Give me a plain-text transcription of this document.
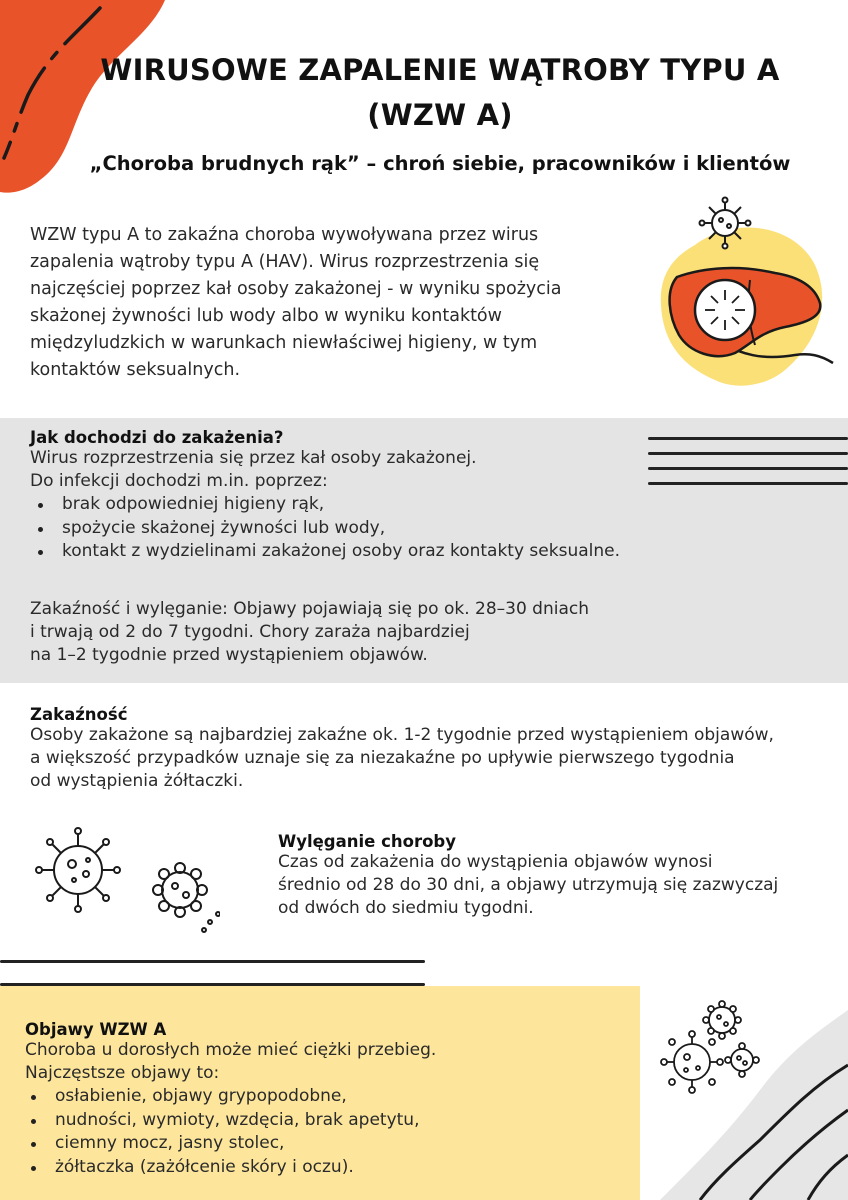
WIRUSOWE ZAPALENIE WĄTROBY TYPU A
(WZW A)
„Choroba brudnych rąk” – chroń siebie, pracowników i klientów
WZW typu A to zakaźna choroba wywoływana przez wirus
zapalenia wątroby typu A (HAV). Wirus rozprzestrzenia się
najczęściej poprzez kał osoby zakażonej - w wyniku spożycia
skażonej żywności lub wody albo w wyniku kontaktów
międzyludzkich w warunkach niewłaściwej higieny, w tym
kontaktów seksualnych.
Jak dochodzi do zakażenia?
Wirus rozprzestrzenia się przez kał osoby zakażonej.
Do infekcji dochodzi m.in. poprzez:
brak odpowiedniej higieny rąk,
spożycie skażonej żywności lub wody,
kontakt z wydzielinami zakażonej osoby oraz kontakty seksualne.
Zakaźność i wylęganie: Objawy pojawiają się po ok. 28–30 dniach
i trwają od 2 do 7 tygodni. Chory zaraża najbardziej
na 1–2 tygodnie przed wystąpieniem objawów.
Zakaźność
Osoby zakażone są najbardziej zakaźne ok. 1-2 tygodnie przed wystąpieniem objawów,
a większość przypadków uznaje się za niezakaźne po upływie pierwszego tygodnia
od wystąpienia żółtaczki.
Wylęganie choroby
Czas od zakażenia do wystąpienia objawów wynosi
średnio od 28 do 30 dni, a objawy utrzymują się zazwyczaj
od dwóch do siedmiu tygodni.
Objawy WZW A
Choroba u dorosłych może mieć ciężki przebieg.
Najczęstsze objawy to:
osłabienie, objawy grypopodobne,
nudności, wymioty, wzdęcia, brak apetytu,
ciemny mocz, jasny stolec,
żółtaczka (zażółcenie skóry i oczu).
